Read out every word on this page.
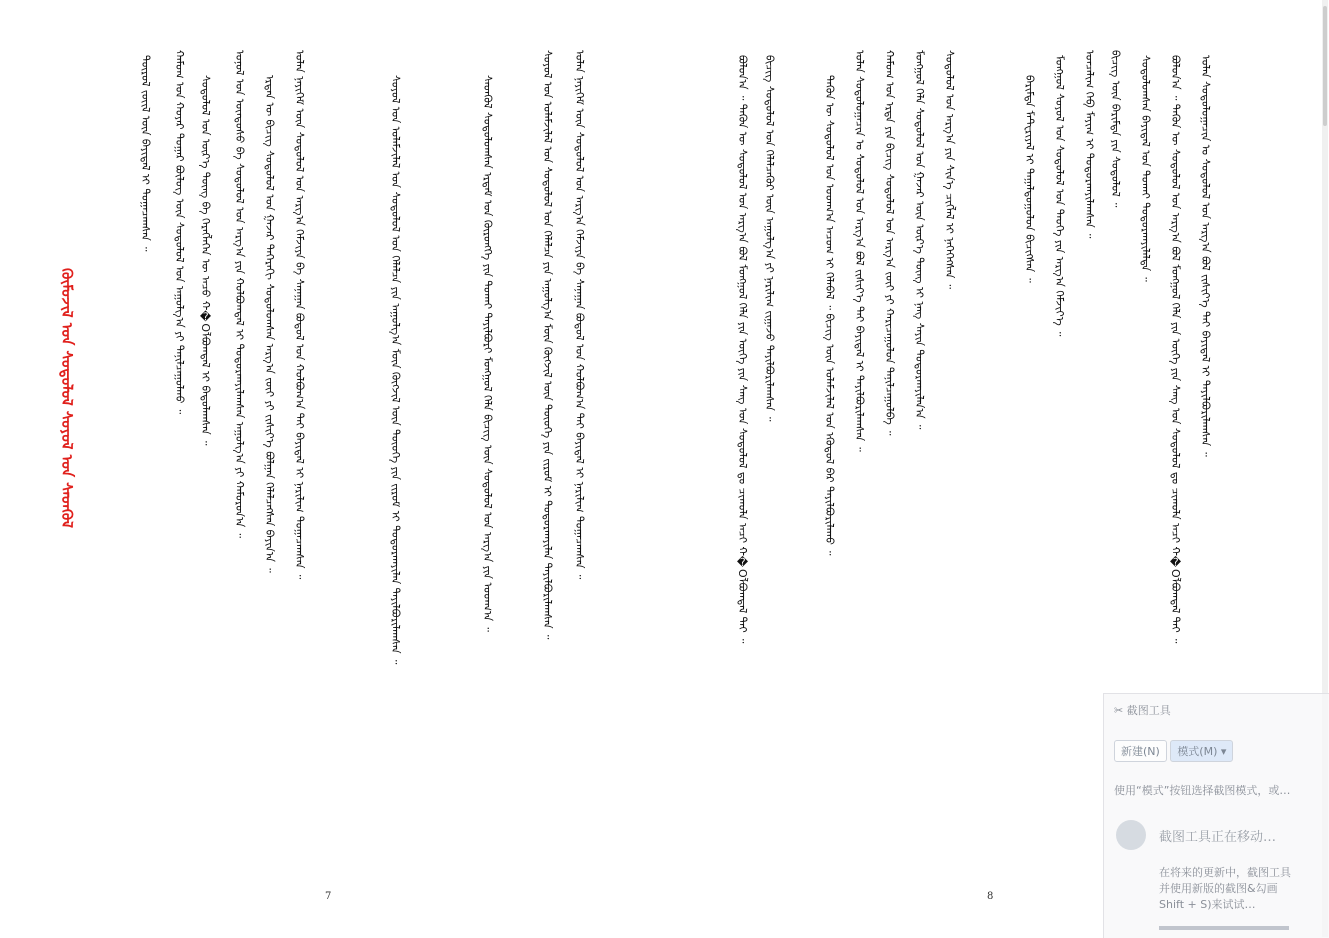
ᠬᠥᠮᠦᠵᠢᠯ ᠤᠨ ᠰᠤᠳᠤᠯᠤᠯ ᠰᠣᠶᠣᠯ ᠤᠨ ᠰᠡᠳᠬᠦᠯ
ᠲᠦᠷᠦᠯ ᠵᠦᠢᠯ ᠦᠨ ᠪᠠᠶᠢᠳᠠᠯ ᠢ ᠲᠣᠭᠠᠴᠠᠭᠰᠠᠨ ᠃ ᠬᠠᠮᠤᠭ ᠤᠨ ᠬᠣᠶᠠᠷ ᠳᠤᠭᠠᠷ ᠪᠦᠯᠦᠭ ᠦᠨ ᠰᠤᠳᠤᠯᠤᠯ ᠤᠨ ᠠᠭᠤᠯᠭ᠎ᠠ ᠶᠢ ᠲᠠᠨᠢᠯᠴᠠᠭᠤᠯᠬᠤ ᠃ ᠰᠤᠳᠤᠯᠤᠯ ᠤᠨ ᠦᠷ᠎ᠡ ᠳᠦᠩ ᠪᠠ ᠬᠡᠷᠡᠭᠯᠡᠭᠡᠨ ᠦ ᠠᠴᠤ ᠬ�Оᠯᠪᠣᠭᠳᠠᠯ ᠢ ᠪᠠᠲᠤᠯᠠᠭᠰᠠᠨ ᠃ ᠣᠨᠣᠯ ᠤᠨ ᠦᠨᠳᠦᠰᠦ ᠪᠠ ᠰᠤᠳᠤᠯᠤᠯ ᠤᠨ ᠠᠷᠭ᠎ᠠ ᠶᠢᠨ ᠬᠣᠯᠪᠣᠭᠳᠠᠯ ᠢ ᠲᠣᠳᠣᠷᠬᠠᠶᠢᠯᠠᠭᠰᠠᠨ ᠠᠭᠤᠯᠭ᠎ᠠ ᠶᠢ ᠬᠠᠮᠤᠷᠤᠨ᠎ᠠ ᠃ ᠡᠷᠲᠡᠨ ᠦ ᠪᠢᠴᠢᠭ ᠰᠤᠳᠤᠯᠤᠯ ᠤᠨ ᠭᠠᠵᠠᠷ ᠳᠡᠭᠡᠷᠡᠬᠢ ᠰᠤᠳᠤᠯᠤᠭᠰᠠᠨ ᠠᠷᠭ᠎ᠠ ᠵᠦᠢ ᠶᠢ ᠵᠢᠱᠢᠶ᠎ᠡ ᠪᠣᠯᠭᠠᠨ ᠬᠡᠯᠡᠯᠴᠡᠭᠰᠡᠨ ᠪᠠᠶᠢᠨ᠎ᠠ ᠃ ᠣᠯᠠᠨ ᠨᠡᠶᠢᠭᠡᠮ ᠦᠨ ᠰᠤᠳᠤᠯᠤᠯ ᠤᠨ ᠠᠷᠭ᠎ᠠ ᠬᠡᠮᠵᠢᠶᠡ ᠪᠠ ᠰᠠᠨᠠᠭᠠᠨ ᠪᠣᠳᠤᠯ ᠤᠨ ᠬᠣᠯᠪᠣᠭ᠎ᠠ ᠲᠠᠢ ᠪᠠᠶᠢᠳᠠᠯ ᠢ ᠨᠠᠷᠢᠯᠢᠭ ᠲᠣᠭᠠᠴᠠᠭᠰᠠᠨ ᠃	ᠰᠣᠶᠣᠯ ᠤᠨ ᠤᠯᠠᠮᠵᠢᠯᠠᠯ ᠤᠨ ᠰᠤᠳᠤᠯᠤᠯ ᠤᠨ ᠬᠡᠯᠡᠯᠴᠡ ᠶᠢᠨ ᠠᠭᠤᠯᠭ᠎ᠠ ᠮᠥᠨ ᠬᠥᠭᠵᠢᠯ ᠦᠨ ᠲᠦᠦᠬᠡ ᠶᠢᠨ ᠵᠢᠷᠤᠮ ᠢ ᠲᠣᠳᠤᠷᠬᠠᠶᠢᠯᠠᠨ ᠲᠠᠶᠢᠯᠪᠤᠷᠢᠯᠠᠭᠰᠠᠨ ᠃	ᠰᠡᠳᠬᠦᠯ ᠰᠤᠳᠤᠯᠤᠭᠰᠠᠨ ᠡᠷᠳᠡᠮ ᠤᠨ ᠬᠥᠷᠦᠩᠭᠡ ᠶᠢᠨ ᠲᠤᠬᠠᠢ ᠲᠠᠶᠢᠯᠪᠤᠷᠢ ᠮᠣᠩᠭᠣᠯ ᠬᠡᠯᠡ ᠪᠢᠴᠢᠭ ᠦᠨ ᠰᠤᠳᠤᠯᠤᠯ ᠤᠨ ᠠᠷᠭ᠎ᠠ ᠶᠢᠨ ᠤᠳᠬ᠎ᠠ ᠃	ᠰᠣᠶᠣᠯ ᠤᠨ ᠤᠯᠠᠮᠵᠢᠯᠠᠯ ᠤᠨ ᠰᠤᠳᠤᠯᠤᠯ ᠤᠨ ᠬᠡᠯᠡᠯᠴᠡ ᠶᠢᠨ ᠠᠭᠤᠯᠭ᠎ᠠ ᠮᠥᠨ ᠬᠥᠭᠵᠢᠯ ᠦᠨ ᠲᠦᠦᠬᠡ ᠶᠢᠨ ᠵᠢᠷᠤᠮ ᠢ ᠲᠣᠳᠤᠷᠬᠠᠶᠢᠯᠠᠨ ᠲᠠᠶᠢᠯᠪᠤᠷᠢᠯᠠᠭᠰᠠᠨ ᠃ ᠣᠯᠠᠨ ᠨᠡᠶᠢᠭᠡᠮ ᠦᠨ ᠰᠤᠳᠤᠯᠤᠯ ᠤᠨ ᠠᠷᠭ᠎ᠠ ᠬᠡᠮᠵᠢᠶᠡ ᠪᠠ ᠰᠠᠨᠠᠭᠠᠨ ᠪᠣᠳᠤᠯ ᠤᠨ ᠬᠣᠯᠪᠣᠭ᠎ᠠ ᠲᠠᠢ ᠪᠠᠶᠢᠳᠠᠯ ᠢ ᠨᠠᠷᠢᠯᠢᠭ ᠲᠣᠭᠠᠴᠠᠭᠰᠠᠨ ᠃
7
ᠪᠣᠯᠤᠨ᠎ᠠ ᠃ ᠲᠡᠭᠦᠨ ᠦ ᠰᠤᠳᠤᠯᠤᠯ ᠤᠨ ᠠᠷᠭ᠎ᠠ ᠪᠣᠯ ᠮᠣᠩᠭᠣᠯ ᠬᠡᠯᠡ ᠶᠢᠨ ᠦᠭᠡ ᠶᠢᠨ ᠰᠠᠩ ᠤᠨ ᠰᠤᠳᠤᠯᠤᠯ ᠳᠤ ᠴᠢᠬᠤᠯᠠ ᠠᠴᠢ ᠬ�Oᠯᠪᠣᠭᠳᠠᠯ ᠲᠠᠢ ᠃ ᠪᠢᠴᠢᠭ ᠰᠤᠳᠤᠯᠤᠯ ᠤᠨ ᠬᠡᠯᠡᠯᠴᠡᠭᠦᠷ ᠦᠨ ᠠᠭᠤᠯᠭ᠎ᠠ ᠶᠢ ᠨᠠᠷᠢᠯᠢᠭ ᠵᠢᠭᠠᠵᠤ ᠲᠠᠶᠢᠯᠪᠤᠷᠢᠯᠠᠭᠰᠠᠨ ᠃	ᠲᠡᠭᠦᠨ ᠦ ᠰᠤᠳᠤᠯᠤᠯ ᠤᠨ ᠤᠳᠬ᠎ᠠ ᠠᠴᠤᠭ ᠢ ᠬᠡᠯᠡᠪᠡᠯ ᠃ ᠪᠢᠴᠢᠭ ᠦᠨ ᠤᠯᠠᠮᠵᠢᠯᠠᠯ ᠤᠨ ᠡᠭᠦᠳᠦᠯ ᠪᠡᠷ ᠲᠠᠶᠢᠯᠪᠤᠷᠢᠯᠠᠬᠤ ᠃ ᠣᠯᠠᠨ ᠰᠤᠳᠤᠯᠤᠭᠠᠴᠢᠨ ᠤ ᠰᠤᠳᠤᠯᠤᠯ ᠤᠨ ᠠᠷᠭ᠎ᠠ ᠪᠣᠯ ᠵᠢᠱᠢᠶ᠎ᠡ ᠲᠠᠢ ᠪᠠᠶᠢᠳᠠᠯ ᠢ ᠲᠠᠶᠢᠯᠪᠤᠷᠢᠯᠠᠭᠰᠠᠨ ᠃ ᠬᠠᠮᠤᠭ ᠤᠨ ᠡᠷᠲᠡ ᠶᠢᠨ ᠪᠢᠴᠢᠭ ᠰᠤᠳᠤᠯᠤᠯ ᠤᠨ ᠠᠷᠭ᠎ᠠ ᠵᠦᠢ ᠶᠢ ᠬᠠᠷᠢᠴᠠᠭᠤᠯᠤᠨ ᠲᠠᠨᠢᠯᠴᠠᠭᠤᠯᠪᠠ ᠃ ᠮᠣᠩᠭᠣᠯ ᠬᠡᠯᠡ ᠰᠤᠳᠤᠯᠤᠯ ᠤᠨ ᠭᠠᠵᠠᠷ ᠦᠨ ᠦᠷ᠎ᠡ ᠳᠦᠩ ᠢ ᠨᠡᠩ ᠰᠠᠶᠢᠨ ᠲᠣᠳᠤᠷᠬᠠᠶᠢᠯᠠᠨ᠎ᠠ ᠃ ᠰᠤᠳᠤᠯᠤᠯ ᠤᠨ ᠠᠷᠭ᠎ᠠ ᠶᠢᠨ ᠰᠢᠨ᠎ᠡ ᠴᠢᠭᠯᠡᠯ ᠢ ᠨᠡᠭᠡᠭᠡᠭᠰᠡᠨ ᠃	ᠪᠠᠷᠢᠮᠲᠠ ᠮᠠᠲ᠋ᠧᠷᠢᠶᠠᠯ ᠢ ᠳᠠᠭᠠᠯᠳᠤᠭᠤᠯᠤᠨ ᠪᠢᠴᠢᠭᠰᠡᠨ ᠃ ᠮᠣᠩᠭᠣᠯ ᠰᠣᠶᠣᠯ ᠤᠨ ᠰᠤᠳᠤᠯᠤᠯ ᠤᠨ ᠲᠡᠦᠬᠡ ᠶᠢᠨ ᠠᠷᠭ᠎ᠠ ᠬᠡᠮᠵᠢᠶ᠎ᠡ ᠃ ᠣᠨᠴᠠᠯᠢᠭ ᠬᠡᠪ ᠮᠠᠶᠢᠭ ᠢ ᠲᠣᠳᠣᠷᠬᠠᠶᠢᠯᠠᠭᠰᠠᠨ ᠃ ᠪᠢᠴᠢᠭ ᠦᠨ ᠪᠠᠷᠢᠮᠲᠠ ᠶᠢᠨ ᠰᠤᠳᠤᠯᠤᠯ ᠃ ᠰᠤᠳᠤᠯᠤᠭᠰᠠᠨ ᠪᠠᠶᠢᠳᠠᠯ ᠤᠨ ᠲᠤᠬᠠᠢ ᠲᠣᠳᠤᠷᠬᠠᠶᠢᠯᠠᠯᠲᠠ ᠃ ᠪᠣᠯᠤᠨ᠎ᠠ ᠃ ᠲᠡᠭᠦᠨ ᠦ ᠰᠤᠳᠤᠯᠤᠯ ᠤᠨ ᠠᠷᠭ᠎ᠠ ᠪᠣᠯ ᠮᠣᠩᠭᠣᠯ ᠬᠡᠯᠡ ᠶᠢᠨ ᠦᠭᠡ ᠶᠢᠨ ᠰᠠᠩ ᠤᠨ ᠰᠤᠳᠤᠯᠤᠯ ᠳᠤ ᠴᠢᠬᠤᠯᠠ ᠠᠴᠢ ᠬ�Oᠯᠪᠣᠭᠳᠠᠯ ᠲᠠᠢ ᠃ ᠣᠯᠠᠨ ᠰᠤᠳᠤᠯᠤᠭᠠᠴᠢᠨ ᠤ ᠰᠤᠳᠤᠯᠤᠯ ᠤᠨ ᠠᠷᠭ᠎ᠠ ᠪᠣᠯ ᠵᠢᠱᠢᠶ᠎ᠡ ᠲᠠᠢ ᠪᠠᠶᠢᠳᠠᠯ ᠢ ᠲᠠᠶᠢᠯᠪᠤᠷᠢᠯᠠᠭᠰᠠᠨ ᠃
8
✂ 截图工具
新建(N) 模式(M) ▾
使用“模式”按钮选择截图模式，或…
截图工具正在移动…
在将来的更新中，截图工具
并使用新版的截图&勾画
Shift + S)来试试…
